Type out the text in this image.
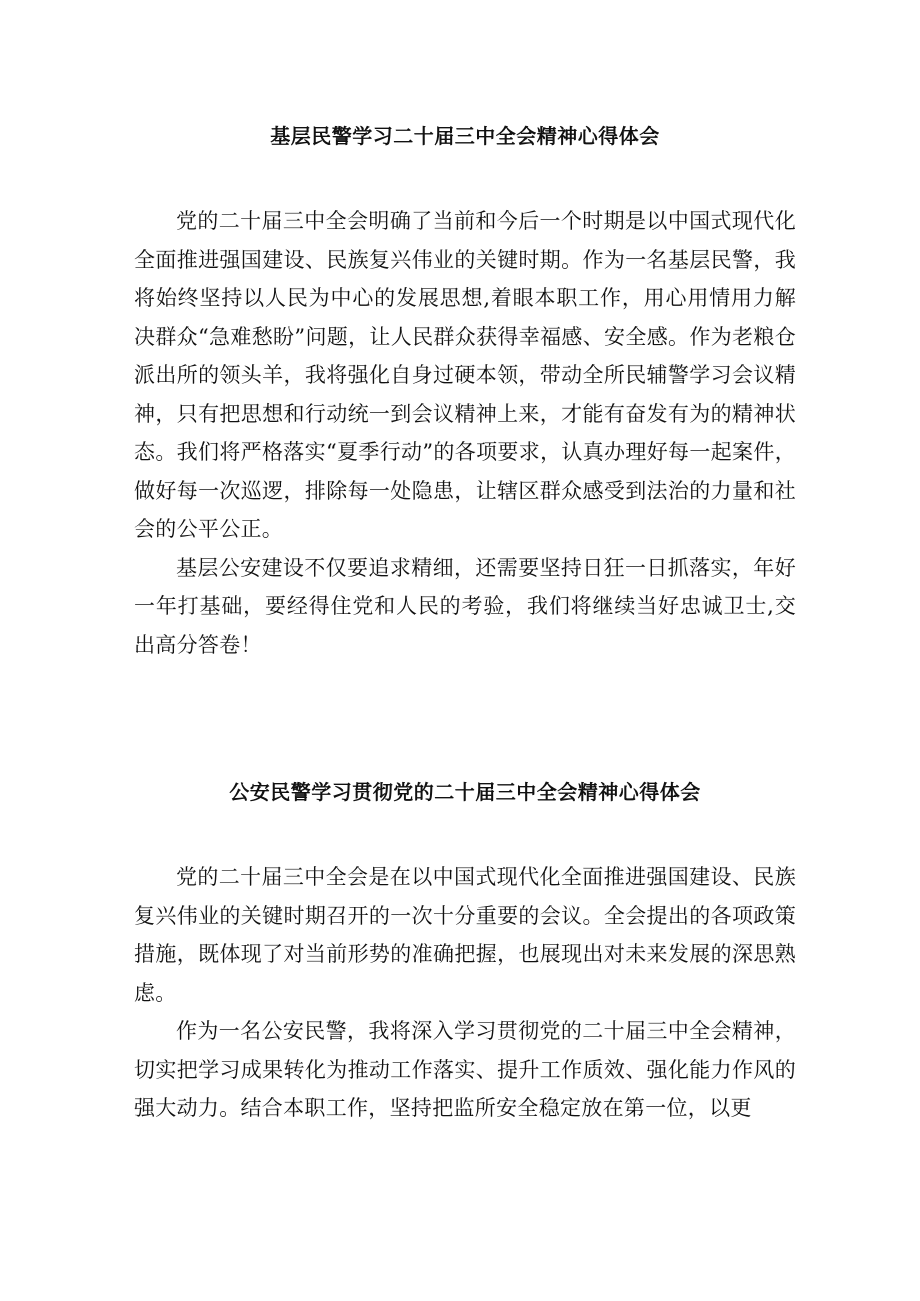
基层民警学习二十届三中全会精神心得体会

党的二十届三中全会明确了当前和今后一个时期是以中国式现代化全面推进强国建设、民族复兴伟业的关键时期。作为一名基层民警，我将始终坚持以人民为中心的发展思想,着眼本职工作，用心用情用力解决群众“急难愁盼”问题，让人民群众获得幸福感、安全感。作为老粮仓派出所的领头羊，我将强化自身过硬本领，带动全所民辅警学习会议精神，只有把思想和行动统一到会议精神上来，才能有奋发有为的精神状态。我们将严格落实“夏季行动”的各项要求，认真办理好每一起案件，做好每一次巡逻，排除每一处隐患，让辖区群众感受到法治的力量和社会的公平公正。

基层公安建设不仅要追求精细，还需要坚持日狂一日抓落实，年好一年打基础，要经得住党和人民的考验，我们将继续当好忠诚卫士,交出高分答卷！

公安民警学习贯彻党的二十届三中全会精神心得体会

党的二十届三中全会是在以中国式现代化全面推进强国建设、民族复兴伟业的关键时期召开的一次十分重要的会议。全会提出的各项政策措施，既体现了对当前形势的准确把握，也展现出对未来发展的深思熟虑。

作为一名公安民警，我将深入学习贯彻党的二十届三中全会精神，切实把学习成果转化为推动工作落实、提升工作质效、强化能力作风的强大动力。结合本职工作，坚持把监所安全稳定放在第一位，以更
